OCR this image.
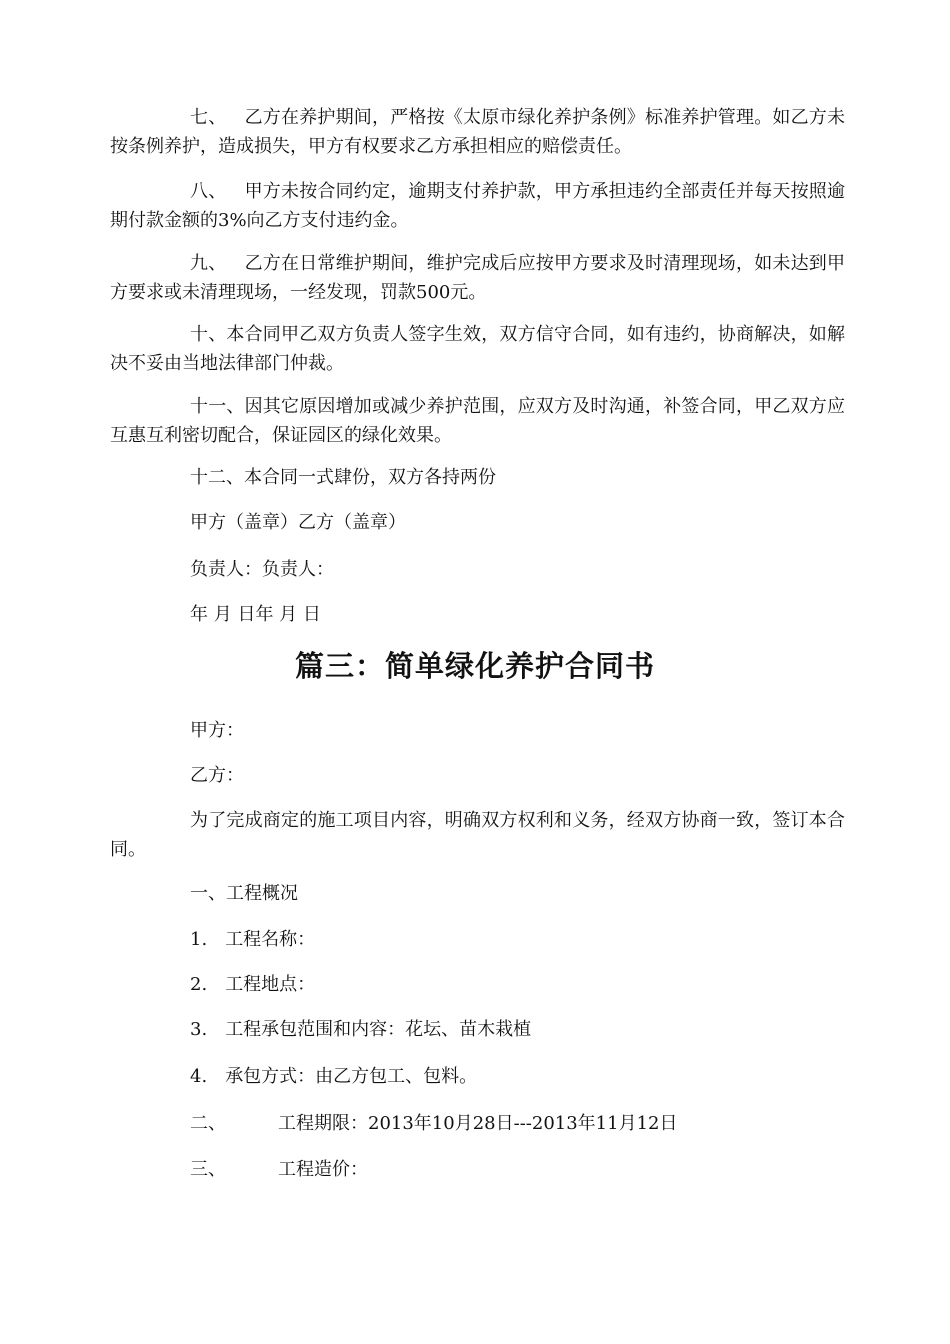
七、 乙方在养护期间，严格按《太原市绿化养护条例》标准养护管理。如乙方未按条例养护，造成损失，甲方有权要求乙方承担相应的赔偿责任。

八、 甲方未按合同约定，逾期支付养护款，甲方承担违约全部责任并每天按照逾期付款金额的3%向乙方支付违约金。

九、 乙方在日常维护期间，维护完成后应按甲方要求及时清理现场，如未达到甲方要求或未清理现场，一经发现，罚款500元。

十、本合同甲乙双方负责人签字生效，双方信守合同，如有违约，协商解决，如解决不妥由当地法律部门仲裁。

十一、因其它原因增加或减少养护范围，应双方及时沟通，补签合同，甲乙双方应互惠互利密切配合，保证园区的绿化效果。

十二、本合同一式肆份，双方各持两份

甲方（盖章）乙方（盖章）

负责人：负责人：

年 月 日年 月 日

篇三：简单绿化养护合同书

甲方：

乙方：

为了完成商定的施工项目内容，明确双方权利和义务，经双方协商一致，签订本合同。

一、工程概况

1. 工程名称：

2. 工程地点：

3. 工程承包范围和内容：花坛、苗木栽植

4. 承包方式：由乙方包工、包料。

二、	工程期限：2013年10月28日---2013年11月12日

三、	工程造价：
